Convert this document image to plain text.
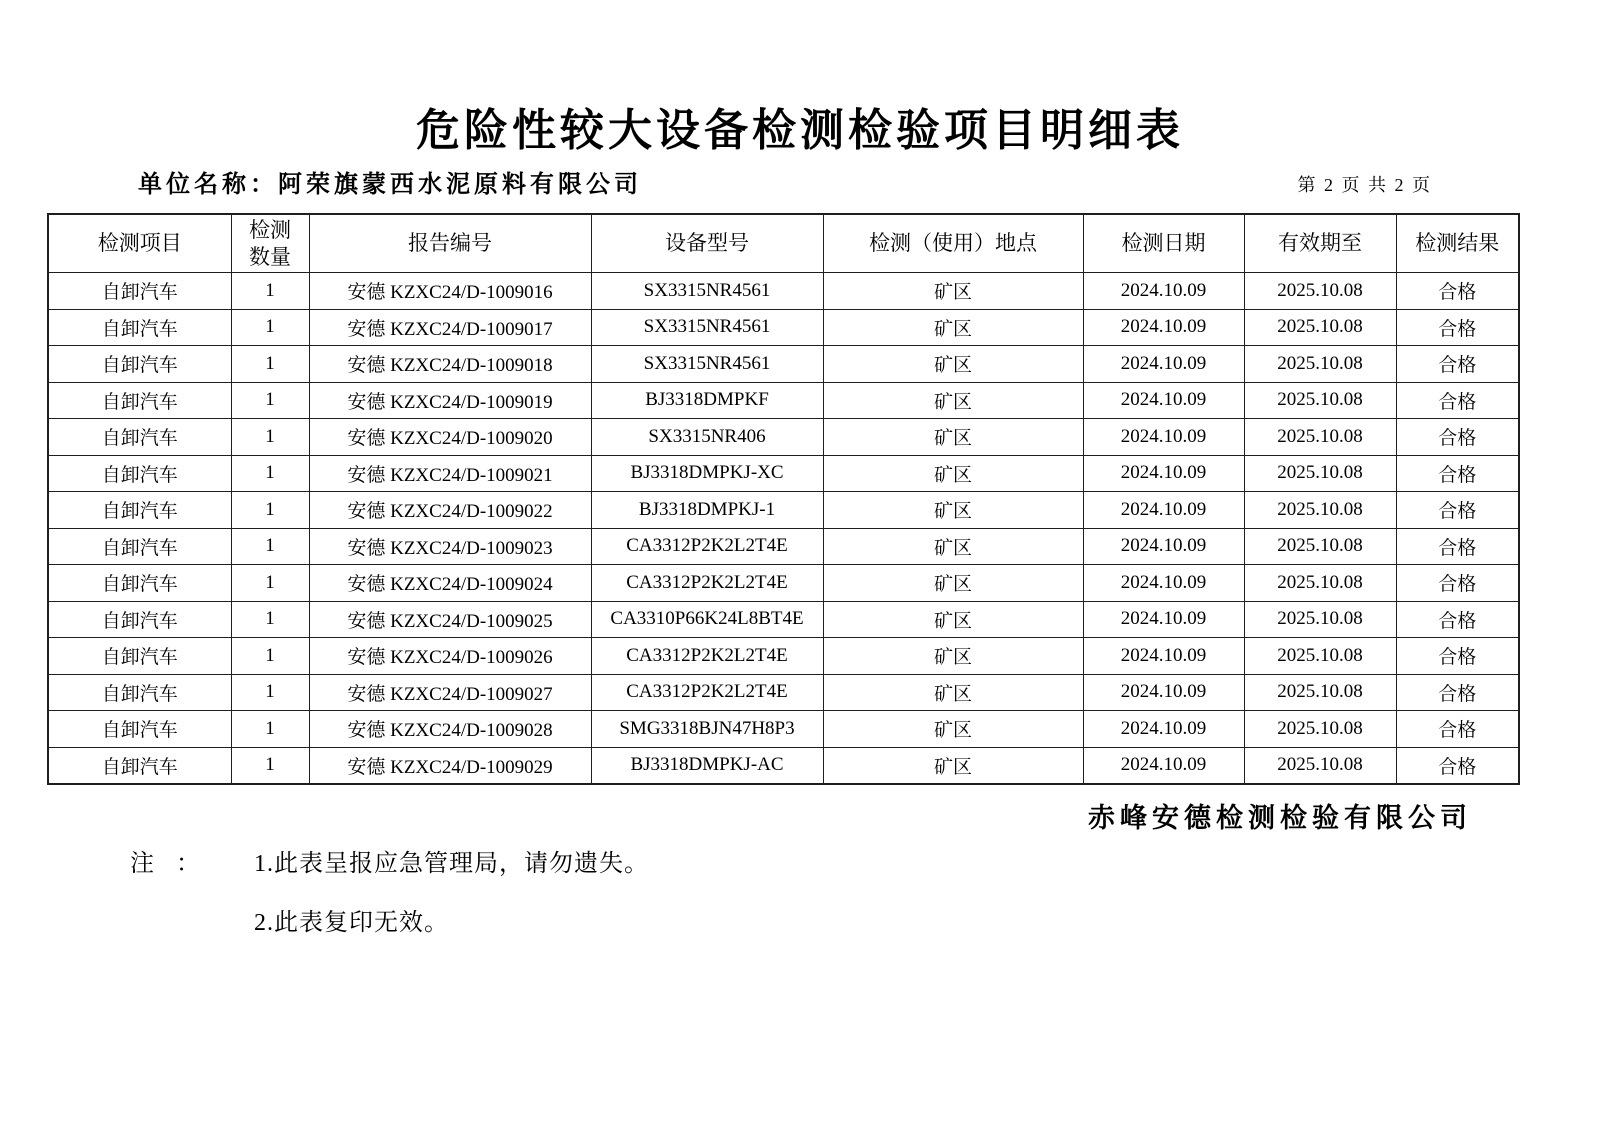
危险性较大设备检测检验项目明细表
单位名称：阿荣旗蒙西水泥原料有限公司	第 2 页 共 2 页
检测项目	检测数量	报告编号	设备型号	检测（使用）地点	检测日期	有效期至	检测结果
自卸汽车	1	安德 KZXC24/D-1009016	SX3315NR4561	矿区	2024.10.09	2025.10.08	合格
自卸汽车	1	安德 KZXC24/D-1009017	SX3315NR4561	矿区	2024.10.09	2025.10.08	合格
自卸汽车	1	安德 KZXC24/D-1009018	SX3315NR4561	矿区	2024.10.09	2025.10.08	合格
自卸汽车	1	安德 KZXC24/D-1009019	BJ3318DMPKF	矿区	2024.10.09	2025.10.08	合格
自卸汽车	1	安德 KZXC24/D-1009020	SX3315NR406	矿区	2024.10.09	2025.10.08	合格
自卸汽车	1	安德 KZXC24/D-1009021	BJ3318DMPKJ-XC	矿区	2024.10.09	2025.10.08	合格
自卸汽车	1	安德 KZXC24/D-1009022	BJ3318DMPKJ-1	矿区	2024.10.09	2025.10.08	合格
自卸汽车	1	安德 KZXC24/D-1009023	CA3312P2K2L2T4E	矿区	2024.10.09	2025.10.08	合格
自卸汽车	1	安德 KZXC24/D-1009024	CA3312P2K2L2T4E	矿区	2024.10.09	2025.10.08	合格
自卸汽车	1	安德 KZXC24/D-1009025	CA3310P66K24L8BT4E	矿区	2024.10.09	2025.10.08	合格
自卸汽车	1	安德 KZXC24/D-1009026	CA3312P2K2L2T4E	矿区	2024.10.09	2025.10.08	合格
自卸汽车	1	安德 KZXC24/D-1009027	CA3312P2K2L2T4E	矿区	2024.10.09	2025.10.08	合格
自卸汽车	1	安德 KZXC24/D-1009028	SMG3318BJN47H8P3	矿区	2024.10.09	2025.10.08	合格
自卸汽车	1	安德 KZXC24/D-1009029	BJ3318DMPKJ-AC	矿区	2024.10.09	2025.10.08	合格
赤峰安德检测检验有限公司
注 ： 1.此表呈报应急管理局，请勿遗失。
2.此表复印无效。
